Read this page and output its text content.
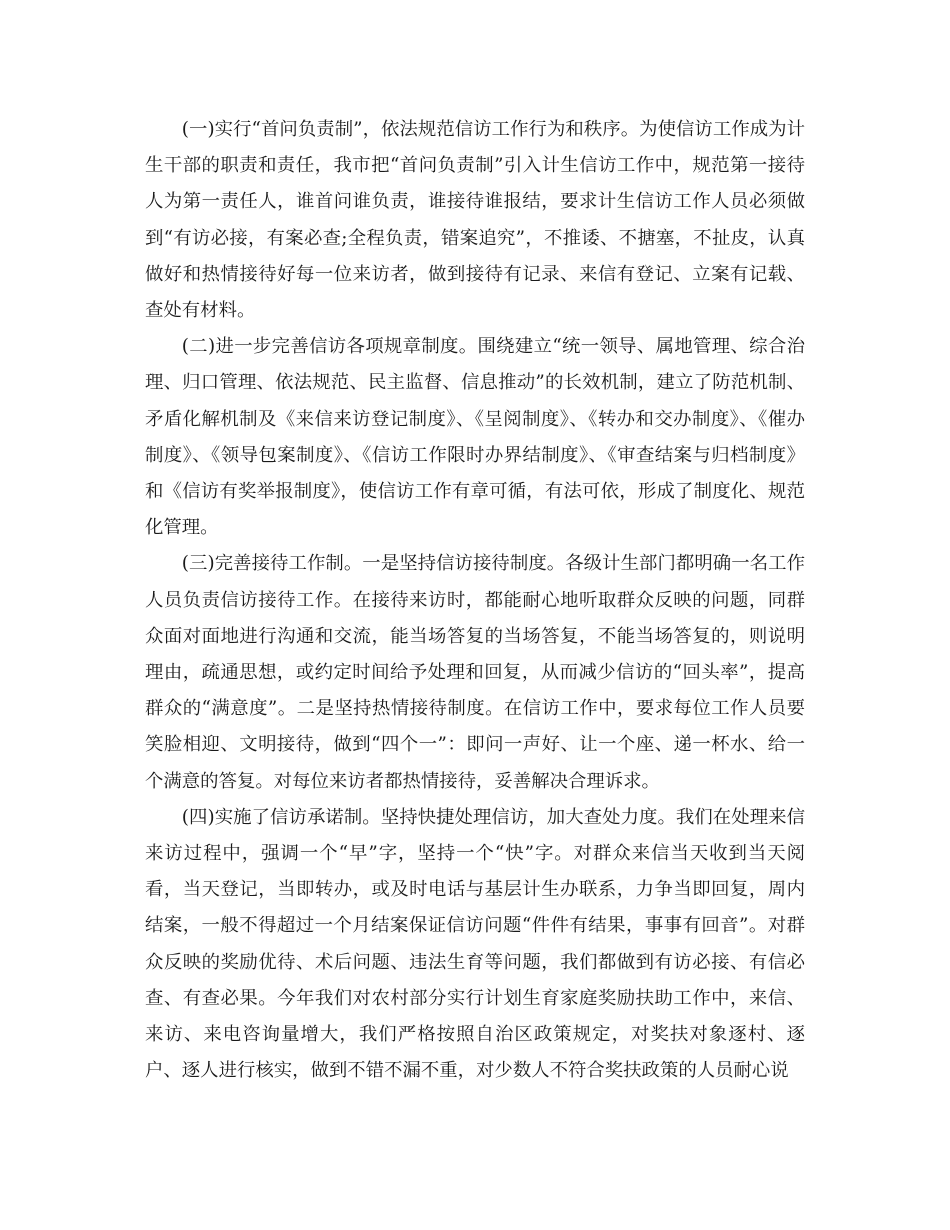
(一)实行“首问负责制”，依法规范信访工作行为和秩序。为使信访工作成为计生干部的职责和责任，我市把“首问负责制”引入计生信访工作中，规范第一接待人为第一责任人，谁首问谁负责，谁接待谁报结，要求计生信访工作人员必须做到“有访必接，有案必查;全程负责，错案追究”，不推诿、不搪塞，不扯皮，认真做好和热情接待好每一位来访者，做到接待有记录、来信有登记、立案有记载、查处有材料。

(二)进一步完善信访各项规章制度。围绕建立“统一领导、属地管理、综合治理、归口管理、依法规范、民主监督、信息推动”的长效机制，建立了防范机制、矛盾化解机制及《来信来访登记制度》、《呈阅制度》、《转办和交办制度》、《催办制度》、《领导包案制度》、《信访工作限时办界结制度》、《审查结案与归档制度》和《信访有奖举报制度》，使信访工作有章可循，有法可依，形成了制度化、规范化管理。

(三)完善接待工作制。一是坚持信访接待制度。各级计生部门都明确一名工作人员负责信访接待工作。在接待来访时，都能耐心地听取群众反映的问题，同群众面对面地进行沟通和交流，能当场答复的当场答复，不能当场答复的，则说明理由，疏通思想，或约定时间给予处理和回复，从而减少信访的“回头率”，提高群众的“满意度”。二是坚持热情接待制度。在信访工作中，要求每位工作人员要笑脸相迎、文明接待，做到“四个一”：即问一声好、让一个座、递一杯水、给一个满意的答复。对每位来访者都热情接待，妥善解决合理诉求。

(四)实施了信访承诺制。坚持快捷处理信访，加大查处力度。我们在处理来信来访过程中，强调一个“早”字，坚持一个“快”字。对群众来信当天收到当天阅看，当天登记，当即转办，或及时电话与基层计生办联系，力争当即回复，周内结案，一般不得超过一个月结案保证信访问题“件件有结果，事事有回音”。对群众反映的奖励优待、术后问题、违法生育等问题，我们都做到有访必接、有信必查、有查必果。今年我们对农村部分实行计划生育家庭奖励扶助工作中，来信、来访、来电咨询量增大，我们严格按照自治区政策规定，对奖扶对象逐村、逐户、逐人进行核实，做到不错不漏不重，对少数人不符合奖扶政策的人员耐心说
